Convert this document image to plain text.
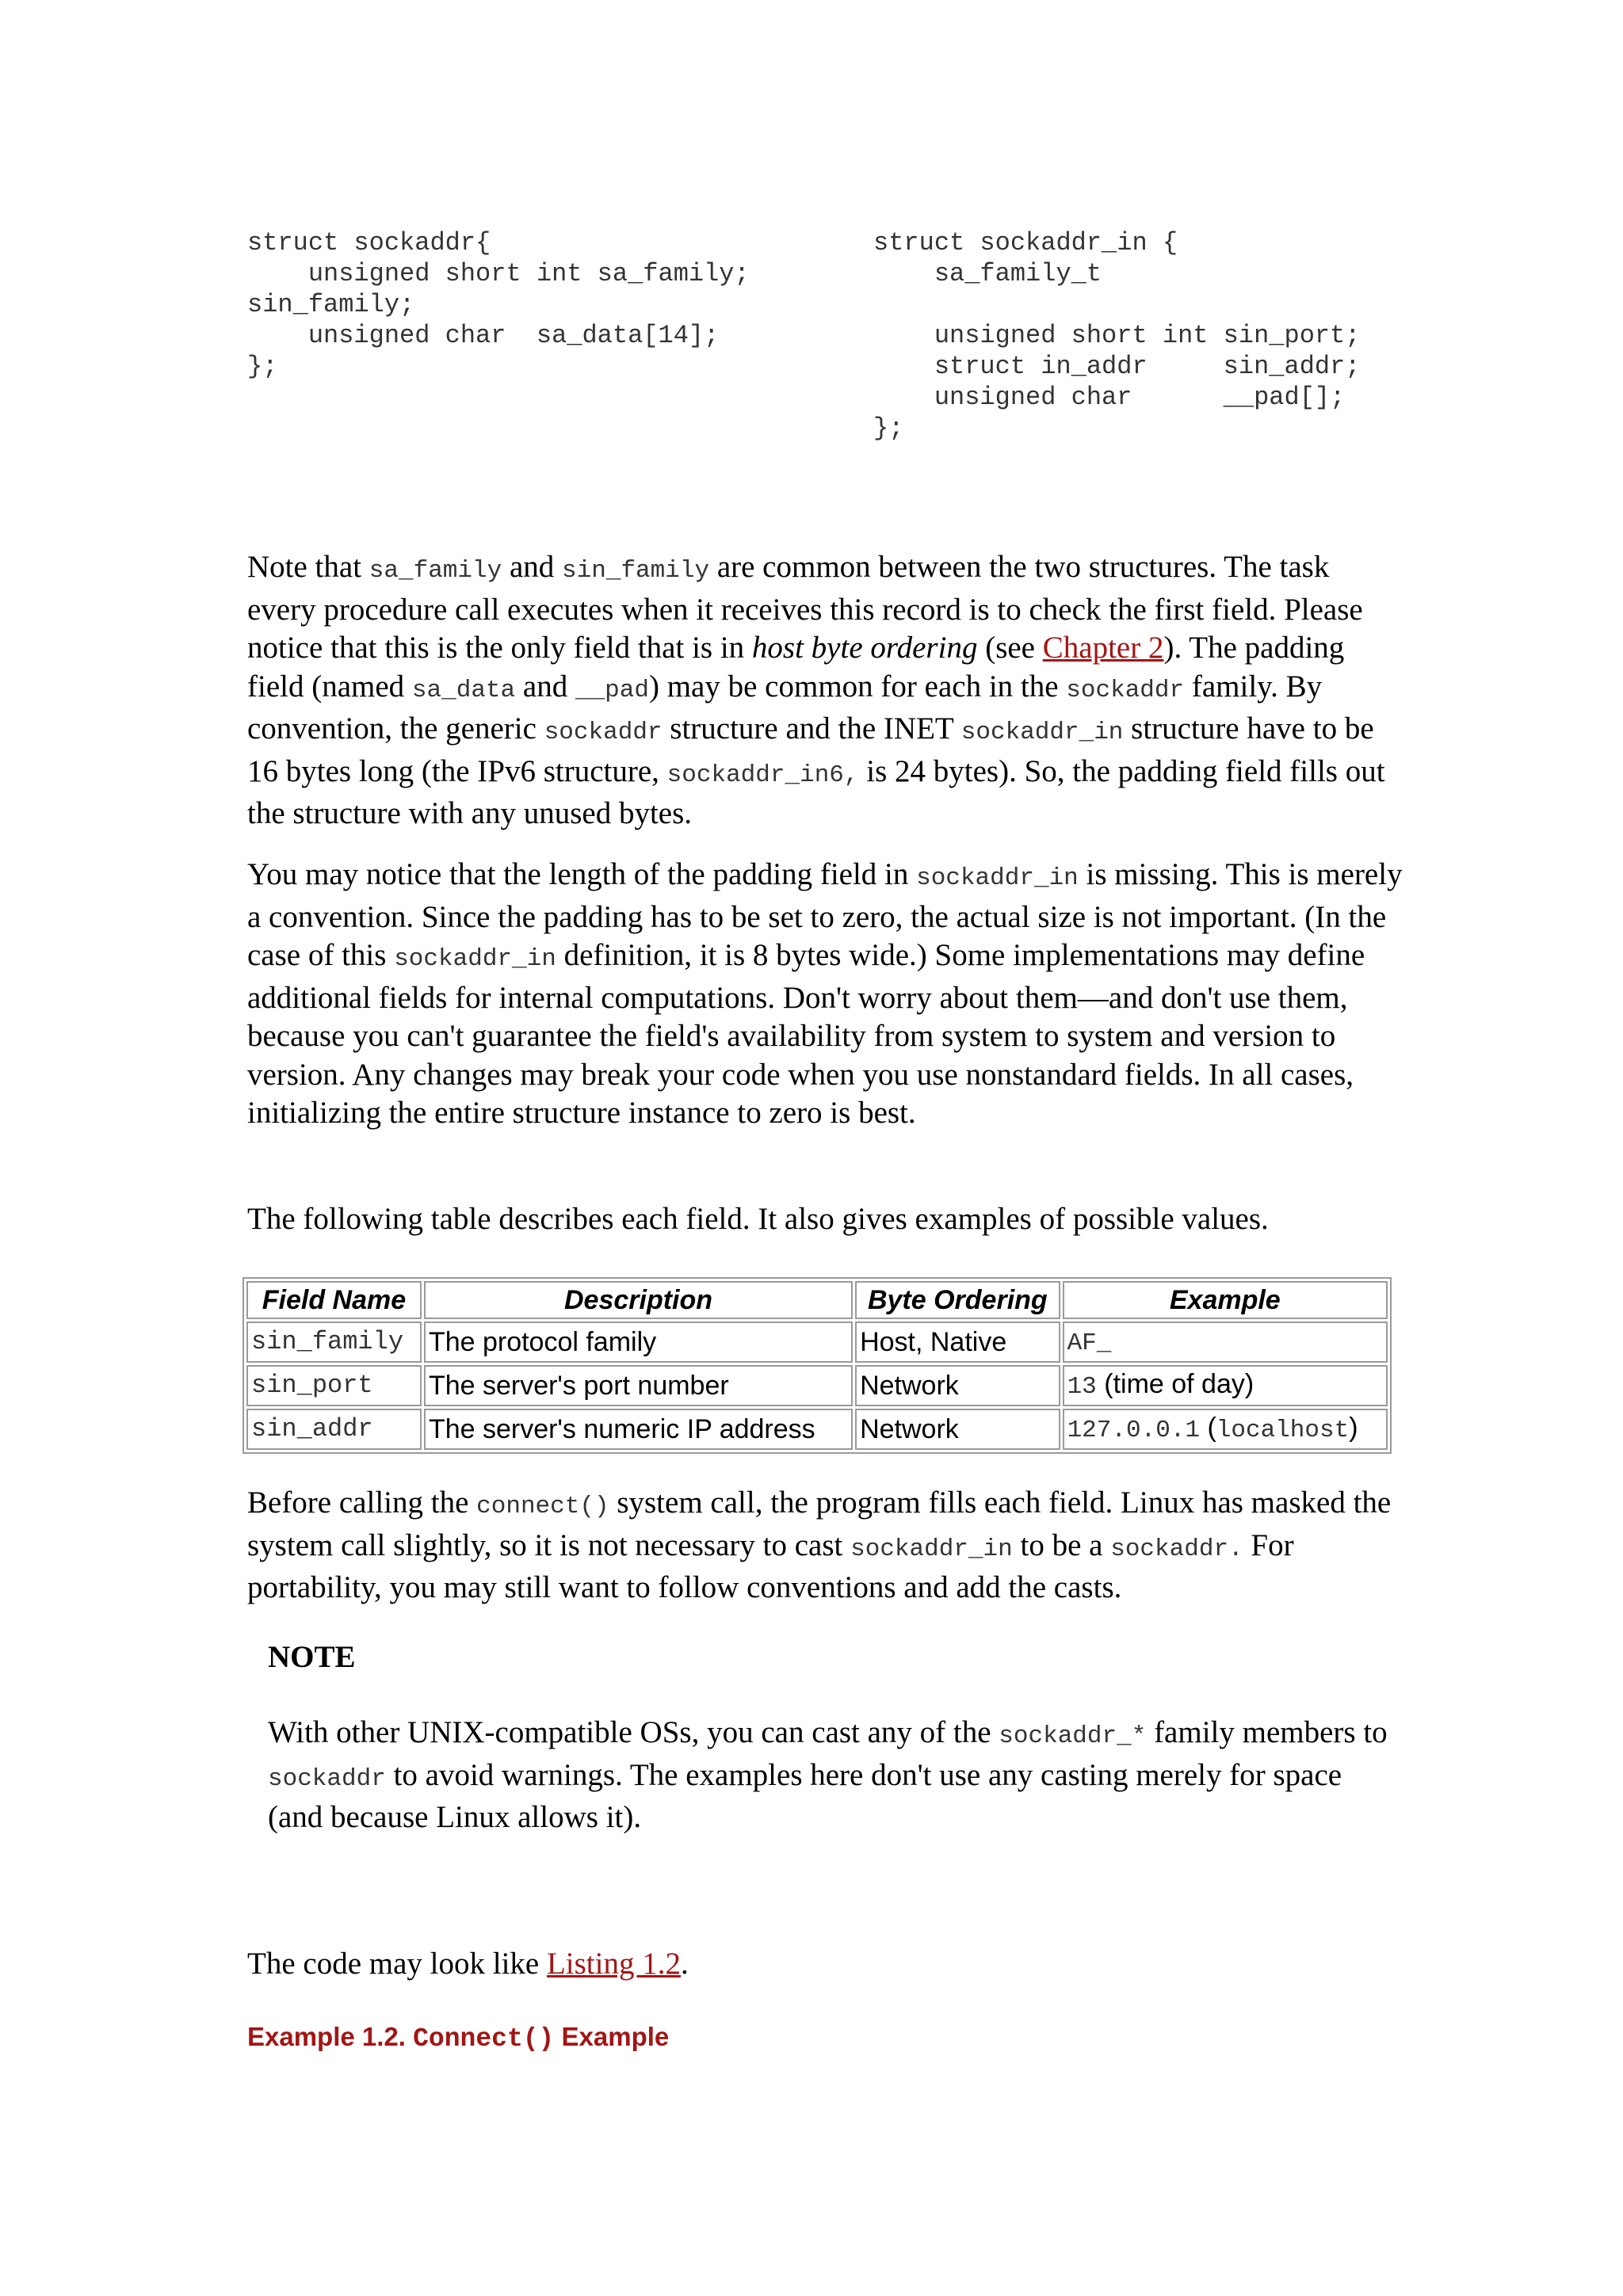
struct sockaddr{
unsigned short int sa_family;
sin_family;
unsigned char  sa_data[14];
};
struct sockaddr_in {
sa_family_t

unsigned short int sin_port;
struct in_addr     sin_addr;
unsigned char      __pad[];
};

Note that sa_family and sin_family are common between the two structures. The task every procedure call executes when it receives this record is to check the first field. Please notice that this is the only field that is in host byte ordering (see Chapter 2). The padding field (named sa_data and __pad) may be common for each in the sockaddr family. By convention, the generic sockaddr structure and the INET sockaddr_in structure have to be 16 bytes long (the IPv6 structure, sockaddr_in6, is 24 bytes). So, the padding field fills out the structure with any unused bytes.

You may notice that the length of the padding field in sockaddr_in is missing. This is merely a convention. Since the padding has to be set to zero, the actual size is not important. (In the case of this sockaddr_in definition, it is 8 bytes wide.) Some implementations may define additional fields for internal computations. Don't worry about them—and don't use them, because you can't guarantee the field's availability from system to system and version to version. Any changes may break your code when you use nonstandard fields. In all cases, initializing the entire structure instance to zero is best.

The following table describes each field. It also gives examples of possible values.

Field Name	Description	Byte Ordering	Example
sin_family	The protocol family	Host, Native	AF_
sin_port	The server's port number	Network	13 (time of day)
sin_addr	The server's numeric IP address	Network	127.0.0.1 (localhost)

Before calling the connect() system call, the program fills each field. Linux has masked the system call slightly, so it is not necessary to cast sockaddr_in to be a sockaddr. For portability, you may still want to follow conventions and add the casts.

NOTE
With other UNIX-compatible OSs, you can cast any of the sockaddr_* family members to sockaddr to avoid warnings. The examples here don't use any casting merely for space (and because Linux allows it).

The code may look like Listing 1.2.

Example 1.2. Connect() Example
